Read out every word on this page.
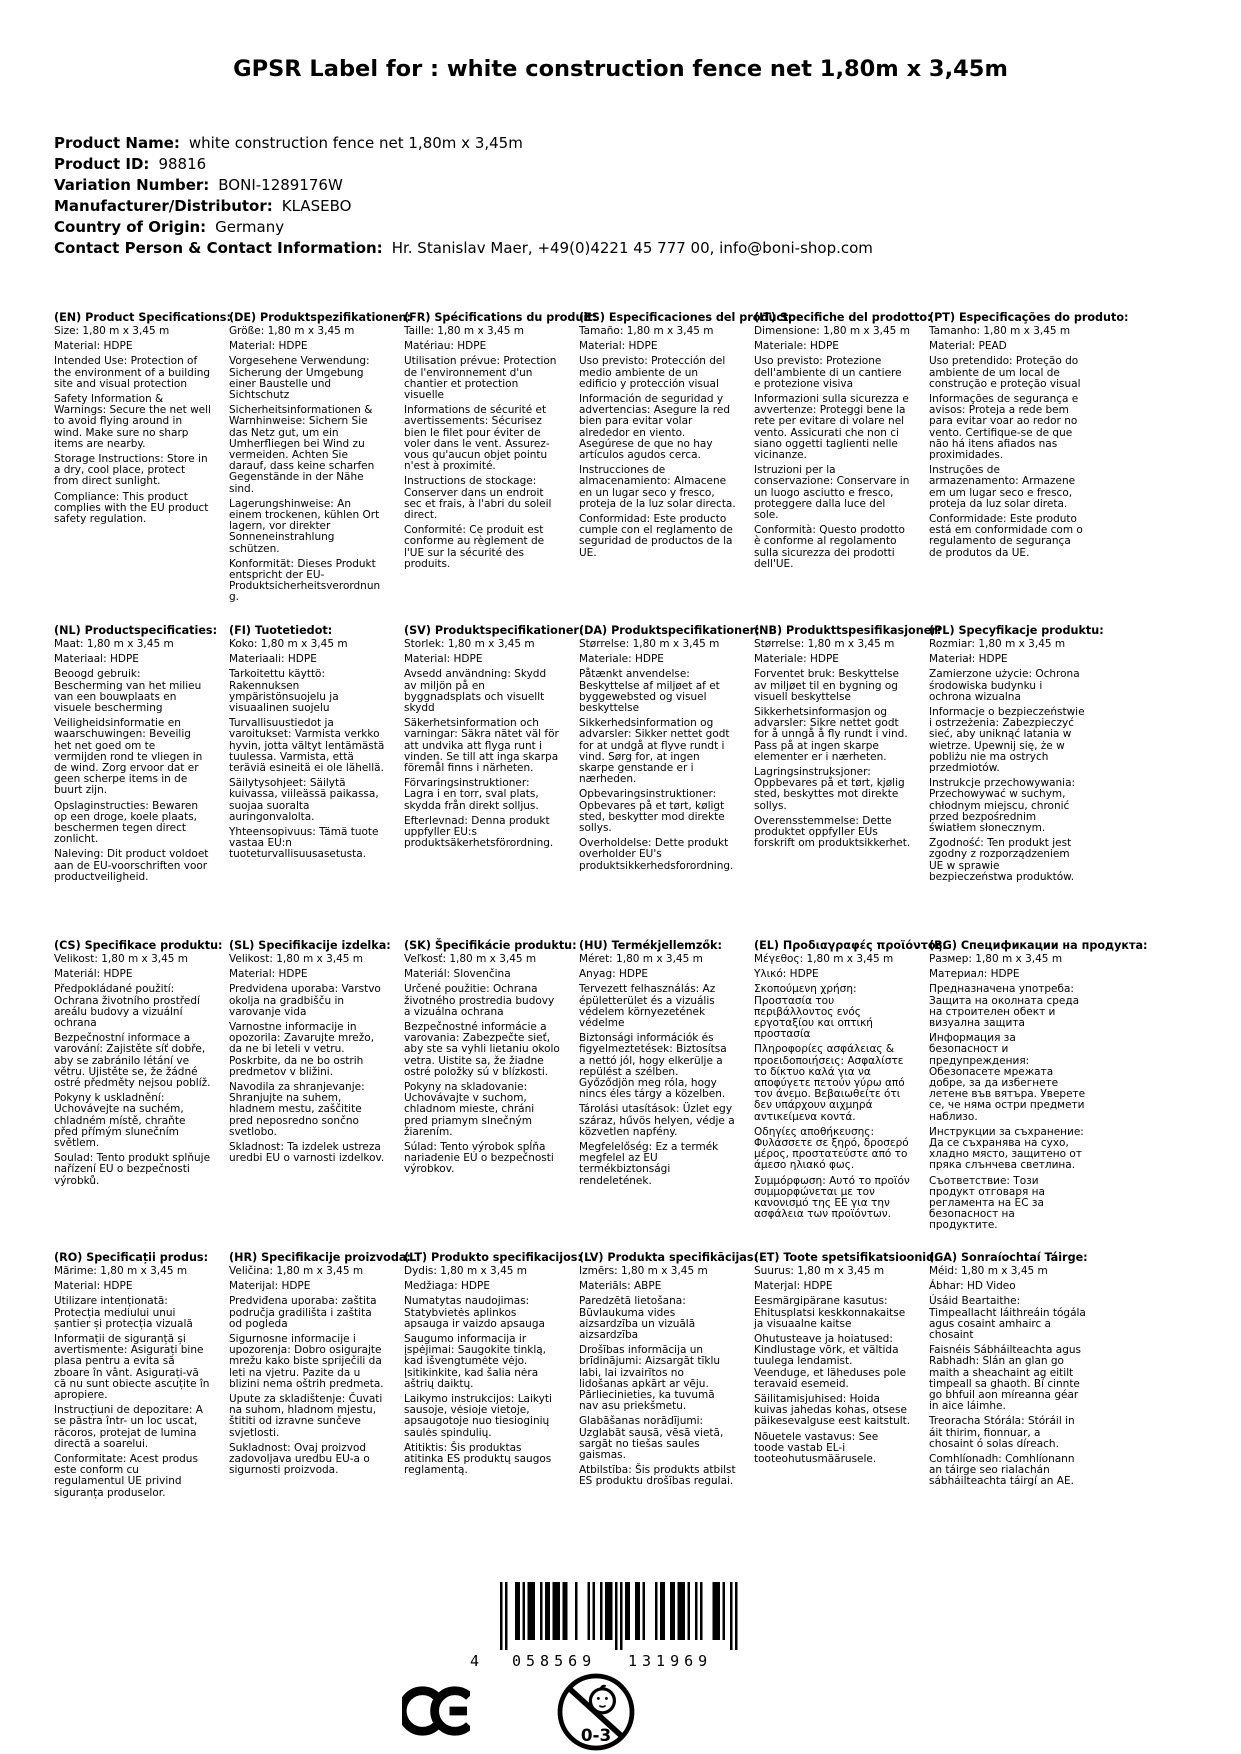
GPSR Label for : white construction fence net 1,80m x 3,45m
Product Name: white construction fence net 1,80m x 3,45m
Product ID: 98816
Variation Number: BONI-1289176W
Manufacturer/Distributor: KLASEBO
Country of Origin: Germany
Contact Person & Contact Information: Hr. Stanislav Maer, +49(0)4221 45 777 00, info@boni-shop.com
(EN) Product Specifications:
Size: 1,80 m x 3,45 m
Material: HDPE
Intended Use: Protection of the environment of a building site and visual protection
Safety Information & Warnings: Secure the net well to avoid flying around in wind. Make sure no sharp items are nearby.
Storage Instructions: Store in a dry, cool place, protect from direct sunlight.
Compliance: This product complies with the EU product safety regulation.
(DE) Produktspezifikationen:
Größe: 1,80 m x 3,45 m
Material: HDPE
Vorgesehene Verwendung: Sicherung der Umgebung einer Baustelle und Sichtschutz
Sicherheitsinformationen & Warnhinweise: Sichern Sie das Netz gut, um ein Umherfliegen bei Wind zu vermeiden. Achten Sie darauf, dass keine scharfen Gegenstände in der Nähe sind.
Lagerungshinweise: An einem trockenen, kühlen Ort lagern, vor direkter Sonneneinstrahlung schützen.
Konformität: Dieses Produkt entspricht der EU-Produktsicherheitsverordnung.
(FR) Spécifications du produit:
Taille: 1,80 m x 3,45 m
Matériau: HDPE
Utilisation prévue: Protection de l'environnement d'un chantier et protection visuelle
Informations de sécurité et avertissements: Sécurisez bien le filet pour éviter de voler dans le vent. Assurez-vous qu'aucun objet pointu n'est à proximité.
Instructions de stockage: Conserver dans un endroit sec et frais, à l'abri du soleil direct.
Conformité: Ce produit est conforme au règlement de l'UE sur la sécurité des produits.
(ES) Especificaciones del producto:
Tamaño: 1,80 m x 3,45 m
Material: HDPE
Uso previsto: Protección del medio ambiente de un edificio y protección visual
Información de seguridad y advertencias: Asegure la red bien para evitar volar alrededor en viento. Asegúrese de que no hay artículos agudos cerca.
Instrucciones de almacenamiento: Almacene en un lugar seco y fresco, proteja de la luz solar directa.
Conformidad: Este producto cumple con el reglamento de seguridad de productos de la UE.
(IT) Specifiche del prodotto:
Dimensione: 1,80 m x 3,45 m
Materiale: HDPE
Uso previsto: Protezione dell'ambiente di un cantiere e protezione visiva
Informazioni sulla sicurezza e avvertenze: Proteggi bene la rete per evitare di volare nel vento. Assicurati che non ci siano oggetti taglienti nelle vicinanze.
Istruzioni per la conservazione: Conservare in un luogo asciutto e fresco, proteggere dalla luce del sole.
Conformità: Questo prodotto è conforme al regolamento sulla sicurezza dei prodotti dell'UE.
(PT) Especificações do produto:
Tamanho: 1,80 m x 3,45 m
Material: PEAD
Uso pretendido: Proteção do ambiente de um local de construção e proteção visual
Informações de segurança e avisos: Proteja a rede bem para evitar voar ao redor no vento. Certifique-se de que não há itens afiados nas proximidades.
Instruções de armazenamento: Armazene em um lugar seco e fresco, proteja da luz solar direta.
Conformidade: Este produto está em conformidade com o regulamento de segurança de produtos da UE.
(NL) Productspecificaties:
Maat: 1,80 m x 3,45 m
Materiaal: HDPE
Beoogd gebruik: Bescherming van het milieu van een bouwplaats en visuele bescherming
Veiligheidsinformatie en waarschuwingen: Beveilig het net goed om te vermijden rond te vliegen in de wind. Zorg ervoor dat er geen scherpe items in de buurt zijn.
Opslaginstructies: Bewaren op een droge, koele plaats, beschermen tegen direct zonlicht.
Naleving: Dit product voldoet aan de EU-voorschriften voor productveiligheid.
(FI) Tuotetiedot:
Koko: 1,80 m x 3,45 m
Materiaali: HDPE
Tarkoitettu käyttö: Rakennuksen ympäristönsuojelu ja visuaalinen suojelu
Turvallisuustiedot ja varoitukset: Varmista verkko hyvin, jotta vältyt lentämästä tuulessa. Varmista, että teräviä esineitä ei ole lähellä.
Säilytysohjeet: Säilytä kuivassa, viileässä paikassa, suojaa suoralta auringonvalolta.
Yhteensopivuus: Tämä tuote vastaa EU:n tuoteturvallisuusasetusta.
(SV) Produktspecifikationer:
Storlek: 1,80 m x 3,45 m
Material: HDPE
Avsedd användning: Skydd av miljön på en byggnadsplats och visuellt skydd
Säkerhetsinformation och varningar: Säkra nätet väl för att undvika att flyga runt i vinden. Se till att inga skarpa föremål finns i närheten.
Förvaringsinstruktioner: Lagra i en torr, sval plats, skydda från direkt solljus.
Efterlevnad: Denna produkt uppfyller EU:s produktsäkerhetsförordning.
(DA) Produktspecifikationer:
Størrelse: 1,80 m x 3,45 m
Materiale: HDPE
Påtænkt anvendelse: Beskyttelse af miljøet af et byggewebsted og visuel beskyttelse
Sikkerhedsinformation og advarsler: Sikker nettet godt for at undgå at flyve rundt i vind. Sørg for, at ingen skarpe genstande er i nærheden.
Opbevaringsinstruktioner: Opbevares på et tørt, køligt sted, beskytter mod direkte sollys.
Overholdelse: Dette produkt overholder EU's produktsikkerhedsforordning.
(NB) Produkttspesifikasjoner:
Størrelse: 1,80 m x 3,45 m
Materiale: HDPE
Forventet bruk: Beskyttelse av miljøet til en bygning og visuell beskyttelse
Sikkerhetsinformasjon og advarsler: Sikre nettet godt for å unngå å fly rundt i vind. Pass på at ingen skarpe elementer er i nærheten.
Lagringsinstruksjoner: Oppbevares på et tørt, kjølig sted, beskyttes mot direkte sollys.
Overensstemmelse: Dette produktet oppfyller EUs forskrift om produktsikkerhet.
(PL) Specyfikacje produktu:
Rozmiar: 1,80 m x 3,45 m
Materiał: HDPE
Zamierzone użycie: Ochrona środowiska budynku i ochrona wizualna
Informacje o bezpieczeństwie i ostrzeżenia: Zabezpieczyć sieć, aby uniknąć latania w wietrze. Upewnij się, że w pobliżu nie ma ostrych przedmiotów.
Instrukcje przechowywania: Przechowywać w suchym, chłodnym miejscu, chronić przed bezpośrednim światłem słonecznym.
Zgodność: Ten produkt jest zgodny z rozporządzeniem UE w sprawie bezpieczeństwa produktów.
(CS) Specifikace produktu:
Velikost: 1,80 m x 3,45 m
Materiál: HDPE
Předpokládané použití: Ochrana životního prostředí areálu budovy a vizuální ochrana
Bezpečnostní informace a varování: Zajistěte síť dobře, aby se zabránilo létání ve větru. Ujistěte se, že žádné ostré předměty nejsou poblíž.
Pokyny k uskladnění: Uchovávejte na suchém, chladném místě, chraňte před přímým slunečním světlem.
Soulad: Tento produkt splňuje nařízení EU o bezpečnosti výrobků.
(SL) Specifikacije izdelka:
Velikost: 1,80 m x 3,45 m
Material: HDPE
Predvidena uporaba: Varstvo okolja na gradbišču in varovanje vida
Varnostne informacije in opozorila: Zavarujte mrežo, da ne bi leteli v vetru. Poskrbite, da ne bo ostrih predmetov v bližini.
Navodila za shranjevanje: Shranjujte na suhem, hladnem mestu, zaščitite pred neposredno sončno svetlobo.
Skladnost: Ta izdelek ustreza uredbi EU o varnosti izdelkov.
(SK) Špecifikácie produktu:
Veľkosť: 1,80 m x 3,45 m
Materiál: Slovenčina
Určené použitie: Ochrana životného prostredia budovy a vizuálna ochrana
Bezpečnostné informácie a varovania: Zabezpečte sieť, aby ste sa vyhli lietaniu okolo vetra. Uistite sa, že žiadne ostré položky sú v blízkosti.
Pokyny na skladovanie: Uchovávajte v suchom, chladnom mieste, chráni pred priamym slnečným žiarením.
Súlad: Tento výrobok spĺňa nariadenie EÚ o bezpečnosti výrobkov.
(HU) Termékjellemzők:
Méret: 1,80 m x 3,45 m
Anyag: HDPE
Tervezett felhasználás: Az épületterület és a vizuális védelem környezetének védelme
Biztonsági információk és figyelmeztetések: Biztosítsa a nettó jól, hogy elkerülje a repülést a szélben. Győződjön meg róla, hogy nincs éles tárgy a közelben.
Tárolási utasítások: Üzlet egy száraz, hűvös helyen, védje a közvetlen napfény.
Megfelelőség: Ez a termék megfelel az EU termékbiztonsági rendeletének.
(EL) Προδιαγραφές προϊόντος:
Μέγεθος: 1,80 m x 3,45 m
Υλικό: HDPE
Σκοπούμενη χρήση: Προστασία του περιβάλλοντος ενός εργοταξίου και οπτική προστασία
Πληροφορίες ασφάλειας & προειδοποιήσεις: Ασφαλίστε το δίκτυο καλά για να αποφύγετε πετούν γύρω από τον άνεμο. Βεβαιωθείτε ότι δεν υπάρχουν αιχμηρά αντικείμενα κοντά.
Οδηγίες αποθήκευσης: Φυλάσσετε σε ξηρό, δροσερό μέρος, προστατεύστε από το άμεσο ηλιακό φως.
Συμμόρφωση: Αυτό το προϊόν συμμορφώνεται με τον κανονισμό της ΕΕ για την ασφάλεια των προϊόντων.
(BG) Спецификации на продукта:
Размер: 1,80 m x 3,45 m
Материал: HDPE
Предназначена употреба: Защита на околната среда на строителен обект и визуална защита
Информация за безопасност и предупреждения: Обезопасете мрежата добре, за да избегнете летене във вятъра. Уверете се, че няма остри предмети наблизо.
Инструкции за съхранение: Да се съхранява на сухо, хладно място, защитено от пряка слънчева светлина.
Съответствие: Този продукт отговаря на регламента на ЕС за безопасност на продуктите.
(RO) Specificații produs:
Mărime: 1,80 m x 3,45 m
Material: HDPE
Utilizare intenționată: Protecția mediului unui șantier și protecția vizuală
Informații de siguranță și avertismente: Asigurați bine plasa pentru a evita să zboare în vânt. Asigurați-vă că nu sunt obiecte ascuțite în apropiere.
Instrucțiuni de depozitare: A se păstra într- un loc uscat, răcoros, protejat de lumina directă a soarelui.
Conformitate: Acest produs este conform cu regulamentul UE privind siguranța produselor.
(HR) Specifikacije proizvoda:
Veličina: 1,80 m x 3,45 m
Materijal: HDPE
Predviđena uporaba: zaštita područja gradilišta i zaštita od pogleda
Sigurnosne informacije i upozorenja: Dobro osigurajte mrežu kako biste spriječili da leti na vjetru. Pazite da u blizini nema oštrih predmeta.
Upute za skladištenje: Čuvati na suhom, hladnom mjestu, štititi od izravne sunčeve svjetlosti.
Sukladnost: Ovaj proizvod zadovoljava uredbu EU-a o sigurnosti proizvoda.
(LT) Produkto specifikacijos:
Dydis: 1,80 m x 3,45 m
Medžiaga: HDPE
Numatytas naudojimas: Statybvietės aplinkos apsauga ir vaizdo apsauga
Saugumo informacija ir įspėjimai: Saugokite tinklą, kad išvengtumėte vėjo. Įsitikinkite, kad šalia nėra aštrių daiktų.
Laikymo instrukcijos: Laikyti sausoje, vėsioje vietoje, apsaugotoje nuo tiesioginių saulės spindulių.
Atitiktis: Šis produktas atitinka ES produktų saugos reglamentą.
(LV) Produkta specifikācijas:
Izmērs: 1,80 m x 3,45 m
Materiāls: ABPE
Paredzētā lietošana: Būvlaukuma vides aizsardzība un vizuālā aizsardzība
Drošības informācija un brīdinājumi: Aizsargāt tīklu labi, lai izvairītos no lidošanas apkārt ar vēju. Pārliecinieties, ka tuvumā nav asu priekšmetu.
Glabāšanas norādījumi: Uzglabāt sausā, vēsā vietā, sargāt no tiešas saules gaismas.
Atbilstība: Šis produkts atbilst ES produktu drošības regulai.
(ET) Toote spetsifikatsioonid:
Suurus: 1,80 m x 3,45 m
Materjal: HDPE
Eesmärgipärane kasutus: Ehitusplatsi keskkonnakaitse ja visuaalne kaitse
Ohutusteave ja hoiatused: Kindlustage võrk, et vältida tuulega lendamist. Veenduge, et läheduses pole teravaid esemeid.
Säilitamisjuhised: Hoida kuivas jahedas kohas, otsese päikesevalguse eest kaitstult.
Nõuetele vastavus: See toode vastab EL-i tooteohutusmäärusele.
(GA) Sonraíochtaí Táirge:
Méid: 1,80 m x 3,45 m
Ábhar: HD Video
Úsáid Beartaithe: Timpeallacht láithreáin tógála agus cosaint amhairc a chosaint
Faisnéis Sábháilteachta agus Rabhadh: Slán an glan go maith a sheachaint ag eitilt timpeall sa ghaoth. Bí cinnte go bhfuil aon míreanna géar in aice láimhe.
Treoracha Stórála: Stóráil in áit thirim, fionnuar, a chosaint ó solas díreach.
Comhlíonadh: Comhlíonann an táirge seo rialachán sábháilteachta táirgí an AE.
4 058569 131969
0-3
